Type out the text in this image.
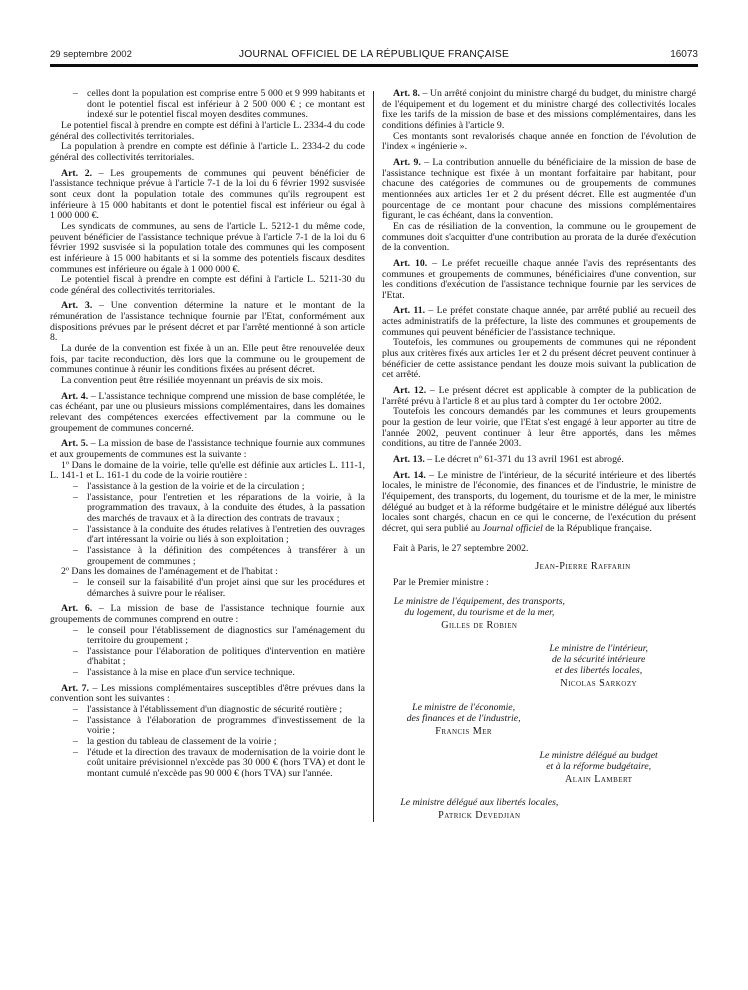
29 septembre 2002	JOURNAL OFFICIEL DE LA RÉPUBLIQUE FRANÇAISE	16073
– celles dont la population est comprise entre 5 000 et 9 999 habitants et dont le potentiel fiscal est inférieur à 2 500 000 € ; ce montant est indexé sur le potentiel fiscal moyen desdites communes.

Le potentiel fiscal à prendre en compte est défini à l'article L. 2334-4 du code général des collectivités territoriales.

La population à prendre en compte est définie à l'article L. 2334-2 du code général des collectivités territoriales.

Art. 2. – Les groupements de communes qui peuvent bénéficier de l'assistance technique prévue à l'article 7-1 de la loi du 6 février 1992 susvisée sont ceux dont la population totale des communes qu'ils regroupent est inférieure à 15 000 habitants et dont le potentiel fiscal est inférieur ou égal à 1 000 000 €.

Les syndicats de communes, au sens de l'article L. 5212-1 du même code, peuvent bénéficier de l'assistance technique prévue à l'article 7-1 de la loi du 6 février 1992 susvisée si la population totale des communes qui les composent est inférieure à 15 000 habitants et si la somme des potentiels fiscaux desdites communes est inférieure ou égale à 1 000 000 €.

Le potentiel fiscal à prendre en compte est défini à l'article L. 5211-30 du code général des collectivités territoriales.

Art. 3. – Une convention détermine la nature et le montant de la rémunération de l'assistance technique fournie par l'Etat, conformément aux dispositions prévues par le présent décret et par l'arrêté mentionné à son article 8.

La durée de la convention est fixée à un an. Elle peut être renouvelée deux fois, par tacite reconduction, dès lors que la commune ou le groupement de communes continue à réunir les conditions fixées au présent décret.

La convention peut être résiliée moyennant un préavis de six mois.

Art. 4. – L'assistance technique comprend une mission de base complétée, le cas échéant, par une ou plusieurs missions complémentaires, dans les domaines relevant des compétences exercées effectivement par la commune ou le groupement de communes concerné.

Art. 5. – La mission de base de l'assistance technique fournie aux communes et aux groupements de communes est la suivante :

1º Dans le domaine de la voirie, telle qu'elle est définie aux articles L. 111-1, L. 141-1 et L. 161-1 du code de la voirie routière :

– l'assistance à la gestion de la voirie et de la circulation ;
– l'assistance, pour l'entretien et les réparations de la voirie, à la programmation des travaux, à la conduite des études, à la passation des marchés de travaux et à la direction des contrats de travaux ;
– l'assistance à la conduite des études relatives à l'entretien des ouvrages d'art intéressant la voirie ou liés à son exploitation ;
– l'assistance à la définition des compétences à transférer à un groupement de communes ;

2º Dans les domaines de l'aménagement et de l'habitat :

– le conseil sur la faisabilité d'un projet ainsi que sur les procédures et démarches à suivre pour le réaliser.

Art. 6. – La mission de base de l'assistance technique fournie aux groupements de communes comprend en outre :

– le conseil pour l'établissement de diagnostics sur l'aménagement du territoire du groupement ;
– l'assistance pour l'élaboration de politiques d'intervention en matière d'habitat ;
– l'assistance à la mise en place d'un service technique.

Art. 7. – Les missions complémentaires susceptibles d'être prévues dans la convention sont les suivantes :

– l'assistance à l'établissement d'un diagnostic de sécurité routière ;
– l'assistance à l'élaboration de programmes d'investissement de la voirie ;
– la gestion du tableau de classement de la voirie ;
– l'étude et la direction des travaux de modernisation de la voirie dont le coût unitaire prévisionnel n'excède pas 30 000 € (hors TVA) et dont le montant cumulé n'excède pas 90 000 € (hors TVA) sur l'année.

Art. 8. – Un arrêté conjoint du ministre chargé du budget, du ministre chargé de l'équipement et du logement et du ministre chargé des collectivités locales fixe les tarifs de la mission de base et des missions complémentaires, dans les conditions définies à l'article 9.

Ces montants sont revalorisés chaque année en fonction de l'évolution de l'index « ingénierie ».

Art. 9. – La contribution annuelle du bénéficiaire de la mission de base de l'assistance technique est fixée à un montant forfaitaire par habitant, pour chacune des catégories de communes ou de groupements de communes mentionnées aux articles 1er et 2 du présent décret. Elle est augmentée d'un pourcentage de ce montant pour chacune des missions complémentaires figurant, le cas échéant, dans la convention.

En cas de résiliation de la convention, la commune ou le groupement de communes doit s'acquitter d'une contribution au prorata de la durée d'exécution de la convention.

Art. 10. – Le préfet recueille chaque année l'avis des représentants des communes et groupements de communes, bénéficiaires d'une convention, sur les conditions d'exécution de l'assistance technique fournie par les services de l'Etat.

Art. 11. – Le préfet constate chaque année, par arrêté publié au recueil des actes administratifs de la préfecture, la liste des communes et groupements de communes qui peuvent bénéficier de l'assistance technique.

Toutefois, les communes ou groupements de communes qui ne répondent plus aux critères fixés aux articles 1er et 2 du présent décret peuvent continuer à bénéficier de cette assistance pendant les douze mois suivant la publication de cet arrêté.

Art. 12. – Le présent décret est applicable à compter de la publication de l'arrêté prévu à l'article 8 et au plus tard à compter du 1er octobre 2002.

Toutefois les concours demandés par les communes et leurs groupements pour la gestion de leur voirie, que l'Etat s'est engagé à leur apporter au titre de l'année 2002, peuvent continuer à leur être apportés, dans les mêmes conditions, au titre de l'année 2003.

Art. 13. – Le décret nº 61-371 du 13 avril 1961 est abrogé.

Art. 14. – Le ministre de l'intérieur, de la sécurité intérieure et des libertés locales, le ministre de l'économie, des finances et de l'industrie, le ministre de l'équipement, des transports, du logement, du tourisme et de la mer, le ministre délégué au budget et à la réforme budgétaire et le ministre délégué aux libertés locales sont chargés, chacun en ce qui le concerne, de l'exécution du présent décret, qui sera publié au Journal officiel de la République française.

Fait à Paris, le 27 septembre 2002.

Jean-Pierre Raffarin

Par le Premier ministre :

Le ministre de l'équipement, des transports,
du logement, du tourisme et de la mer,
Gilles de Robien
Le ministre de l'intérieur,
de la sécurité intérieure
et des libertés locales,
Nicolas Sarkozy
Le ministre de l'économie,
des finances et de l'industrie,
Francis Mer
Le ministre délégué au budget
et à la réforme budgétaire,
Alain Lambert
Le ministre délégué aux libertés locales,
Patrick Devedjian
